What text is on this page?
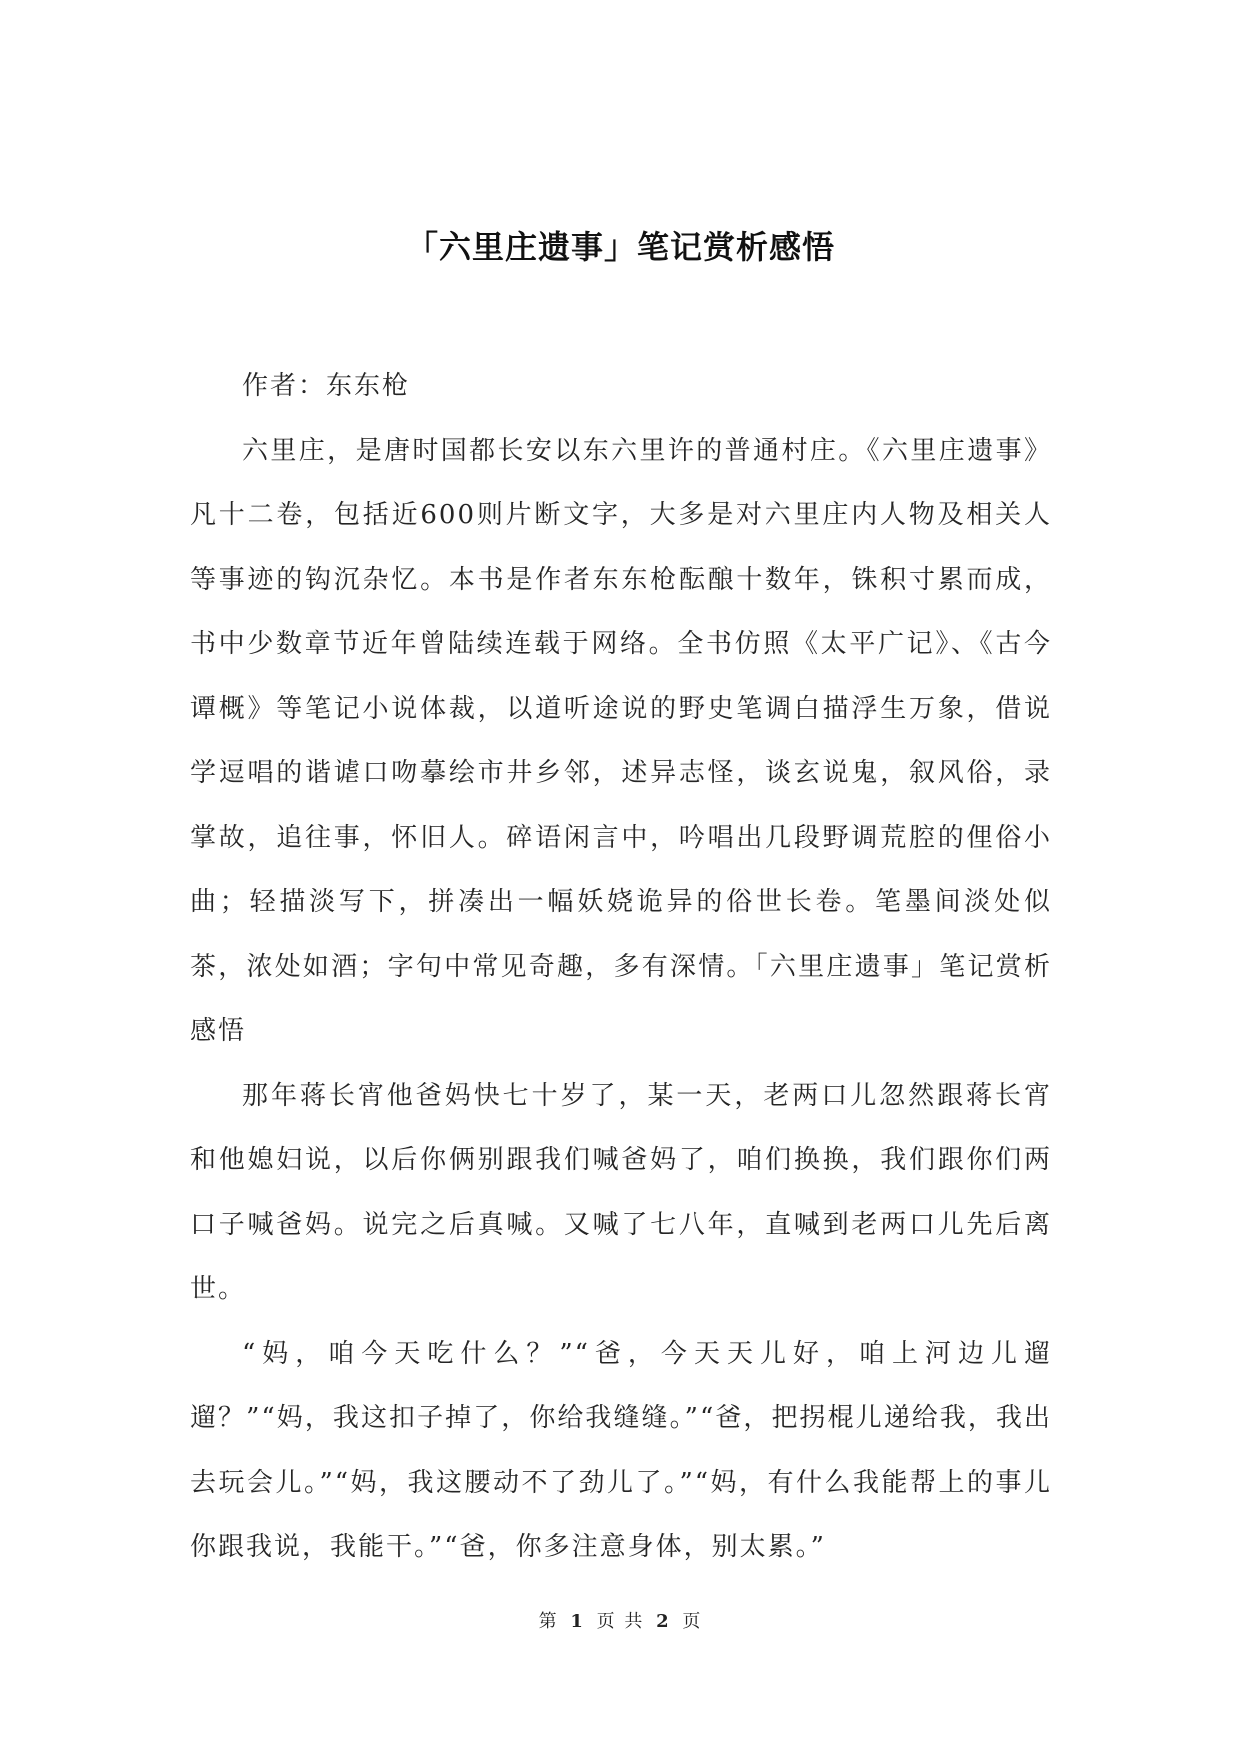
「六里庄遗事」笔记赏析感悟

作者：东东枪

六里庄，是唐时国都长安以东六里许的普通村庄。《六里庄遗事》凡十二卷，包括近600则片断文字，大多是对六里庄内人物及相关人等事迹的钩沉杂忆。本书是作者东东枪酝酿十数年，铢积寸累而成，书中少数章节近年曾陆续连载于网络。全书仿照《太平广记》、《古今谭概》等笔记小说体裁，以道听途说的野史笔调白描浮生万象，借说学逗唱的谐谑口吻摹绘市井乡邻，述异志怪，谈玄说鬼，叙风俗，录掌故，追往事，怀旧人。碎语闲言中，吟唱出几段野调荒腔的俚俗小曲；轻描淡写下，拼凑出一幅妖娆诡异的俗世长卷。笔墨间淡处似茶，浓处如酒；字句中常见奇趣，多有深情。「六里庄遗事」笔记赏析感悟

那年蒋长宵他爸妈快七十岁了，某一天，老两口儿忽然跟蒋长宵和他媳妇说，以后你俩别跟我们喊爸妈了，咱们换换，我们跟你们两口子喊爸妈。说完之后真喊。又喊了七八年，直喊到老两口儿先后离世。

“妈，咱今天吃什么？”“爸，今天天儿好，咱上河边儿遛遛？”“妈，我这扣子掉了，你给我缝缝。”“爸，把拐棍儿递给我，我出去玩会儿。”“妈，我这腰动不了劲儿了。”“妈，有什么我能帮上的事儿你跟我说，我能干。”“爸，你多注意身体，别太累。”

第 1 页 共 2 页
